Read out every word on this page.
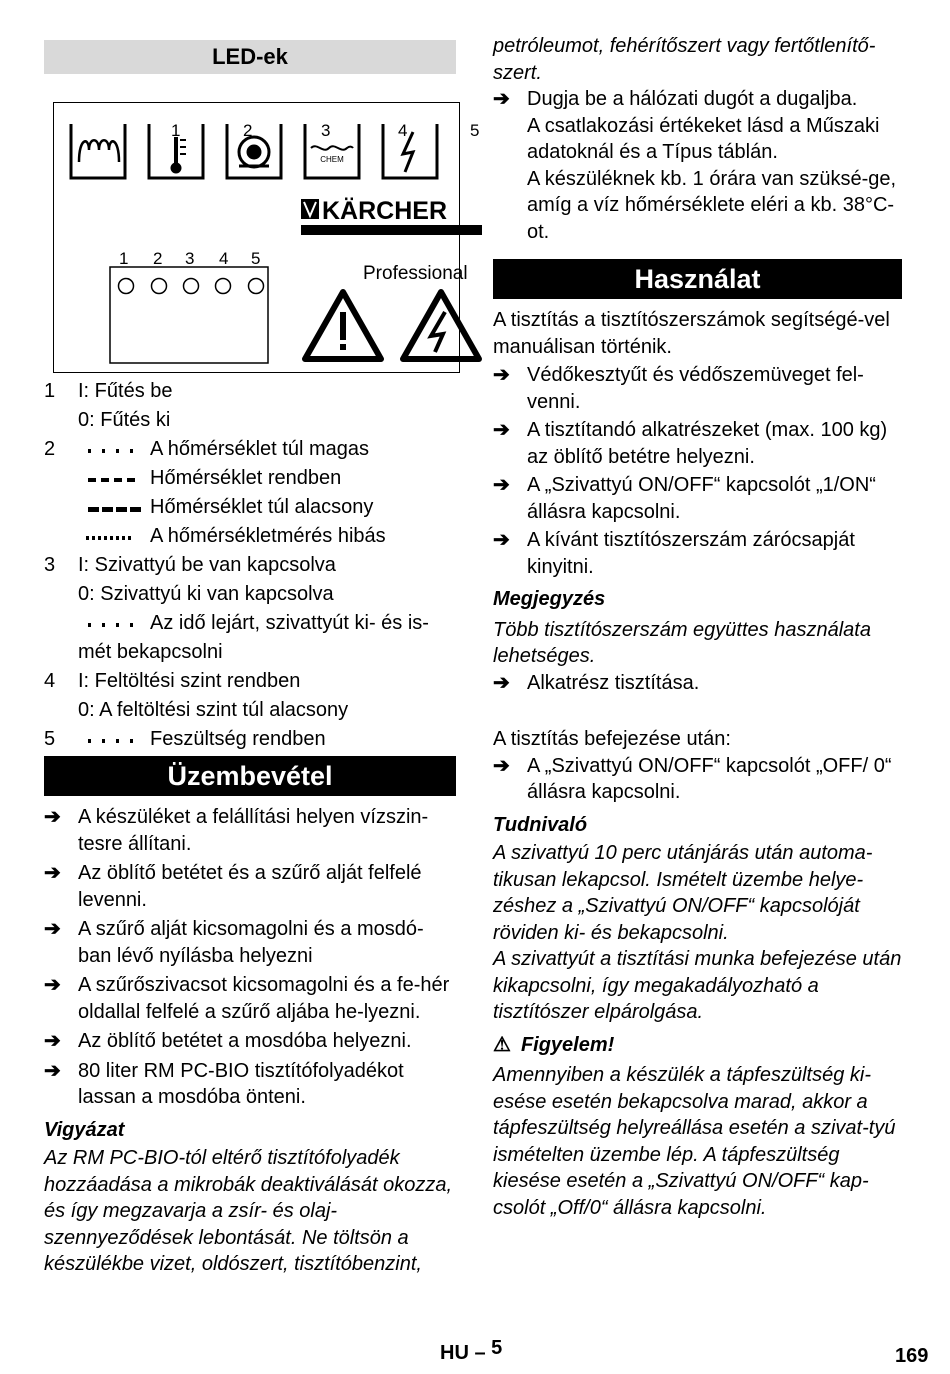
LED-ek
CHEM
1	2	3	4	5
KÄRCHER
1 2 3 4 5
Professional
1 I: Fűtés be
0: Fűtés ki
2	A hőmérséklet túl magas
Hőmérséklet rendben
Hőmérséklet túl alacsony
A hőmérsékletmérés hibás
3 I: Szivattyú be van kapcsolva
0: Szivattyú ki van kapcsolva
Az idő lejárt, szivattyút ki- és is-
mét bekapcsolni
4 I: Feltöltési szint rendben
0: A feltöltési szint túl alacsony
5	Feszültség rendben
Üzembevétel

➔ A készüléket a felállítási helyen vízszin-tesre állítani.

➔ Az öblítő betétet és a szűrő alját felfelé levenni.

➔ A szűrő alját kicsomagolni és a mosdó-ban lévő nyílásba helyezni

➔ A szűrőszivacsot kicsomagolni és a fe-hér oldallal felfelé a szűrő aljába he-lyezni.

➔ Az öblítő betétet a mosdóba helyezni.

➔ 80 liter RM PC-BIO tisztítófolyadékot lassan a mosdóba önteni.

Vigyázat

Az RM PC-BIO-tól eltérő tisztítófolyadék hozzáadása a mikrobák deaktiválását okozza, és így megzavarja a zsír- és olaj-szennyeződések lebontását. Ne töltsön a készülékbe vizet, oldószert, tisztítóbenzint,

petróleumot, fehérítőszert vagy fertőtlenítő-szert.

➔ Dugja be a hálózati dugót a dugaljba.

A csatlakozási értékeket lásd a Műszaki adatoknál és a Típus táblán.

A készüléknek kb. 1 órára van szüksé-ge, amíg a víz hőmérséklete eléri a kb. 38°C-ot.

Használat

A tisztítás a tisztítószerszámok segítségé-vel manuálisan történik.

➔ Védőkesztyűt és védőszemüveget fel-venni.

➔ A tisztítandó alkatrészeket (max. 100 kg) az öblítő betétre helyezni.

➔ A „Szivattyú ON/OFF“ kapcsolót „1/ON“ állásra kapcsolni.

➔ A kívánt tisztítószerszám zárócsapját kinyitni.

Megjegyzés

Több tisztítószerszám együttes használata lehetséges.

➔ Alkatrész tisztítása.

A tisztítás befejezése után:

➔ A „Szivattyú ON/OFF“ kapcsolót „OFF/ 0“ állásra kapcsolni.

Tudnivaló

A szivattyú 10 perc utánjárás után automa-tikusan lekapcsol. Ismételt üzembe helye-zéshez a „Szivattyú ON/OFF“ kapcsolóját röviden ki- és bekapcsolni.

A szivattyút a tisztítási munka befejezése után kikapcsolni, így megakadályozható a tisztítószer elpárolgása.

⚠ Figyelem!

Amennyiben a készülék a tápfeszültség ki-esése esetén bekapcsolva marad, akkor a tápfeszültség helyreállása esetén a szivat-tyú ismételten üzembe lép. A tápfeszültség kiesése esetén a „Szivattyú ON/OFF“ kap-csolót „Off/0“ állásra kapcsolni.

HU – 5	169
